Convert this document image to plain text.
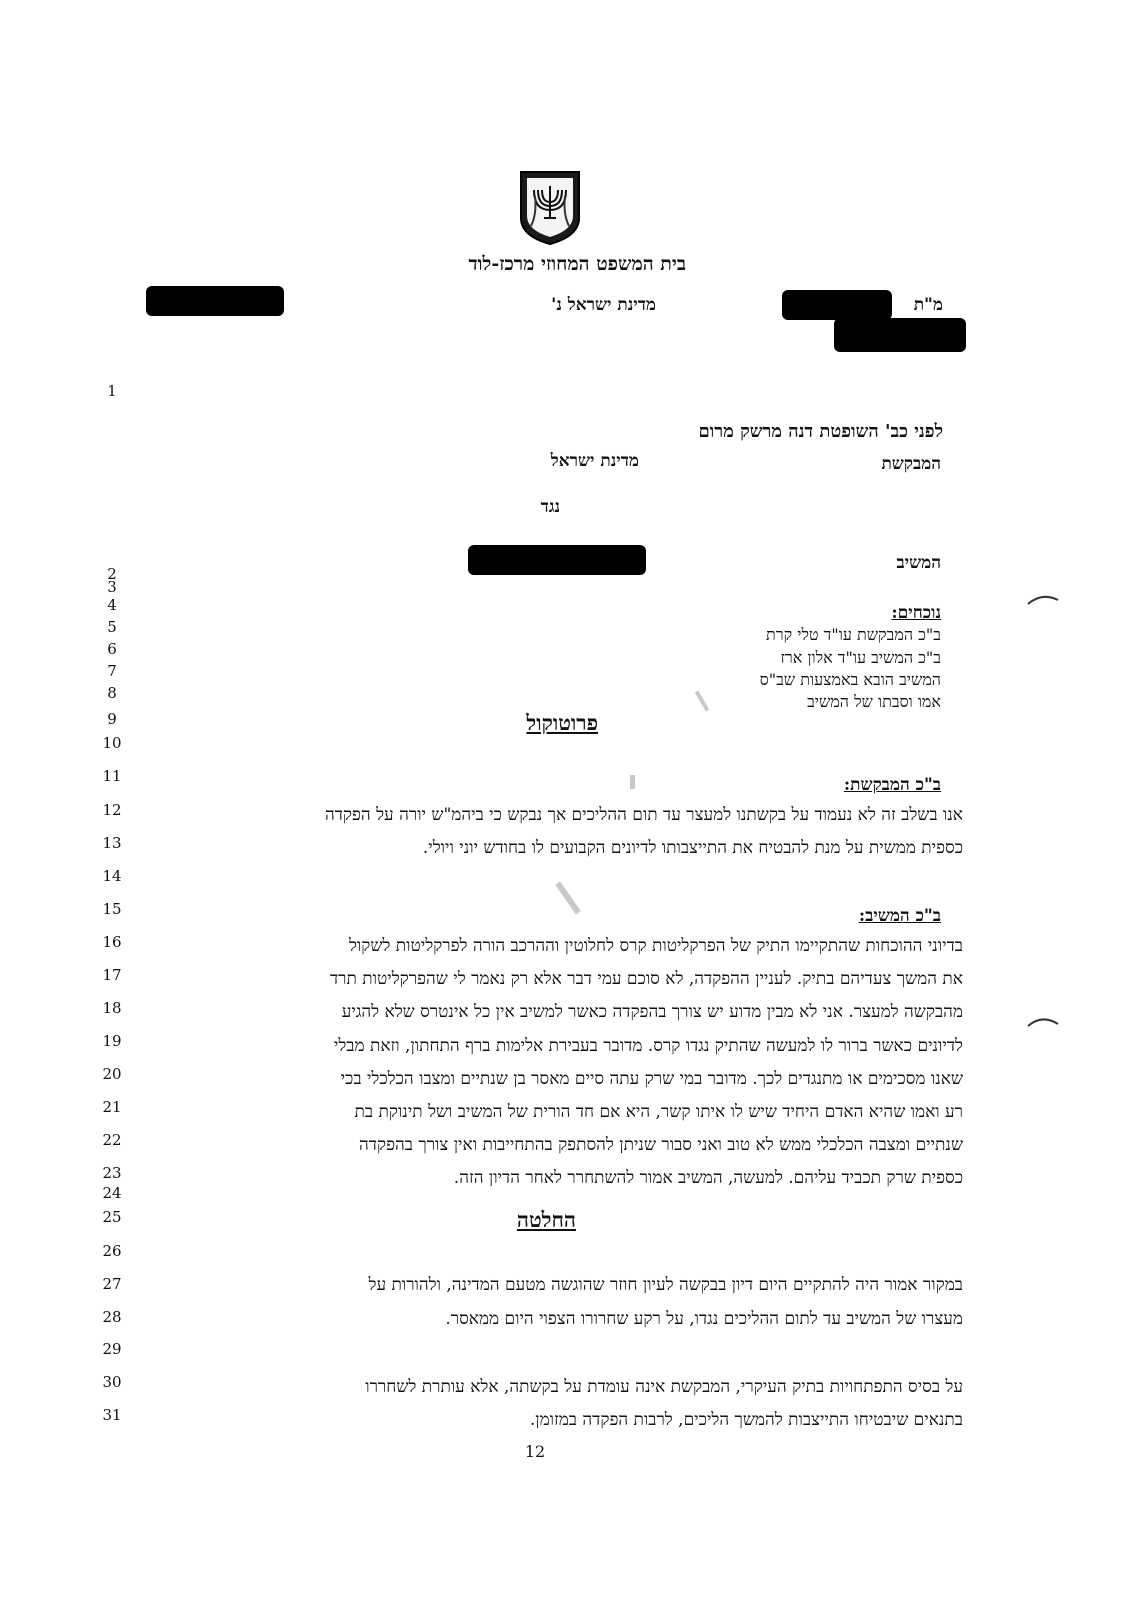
בית המשפט המחוזי מרכז-לוד
מ"ת
מדינת ישראל נ'
לפני כב' השופטת דנה מרשק מרום
המבקשת
מדינת ישראל
נגד
המשיב
נוכחים:
ב"כ המבקשת עו"ד טלי קרת
ב"כ המשיב עו"ד אלון ארז
המשיב הובא באמצעות שב"ס
אמו וסבתו של המשיב
פרוטוקול
ב"כ המבקשת:
אנו בשלב זה לא נעמוד על בקשתנו למעצר עד תום ההליכים אך נבקש כי ביהמ"ש יורה על הפקדה
כספית ממשית על מנת להבטיח את התייצבותו לדיונים הקבועים לו בחודש יוני ויולי.
ב"כ המשיב:
בדיוני ההוכחות שהתקיימו התיק של הפרקליטות קרס לחלוטין וההרכב הורה לפרקליטות לשקול
את המשך צעדיהם בתיק. לעניין ההפקדה, לא סוכם עמי דבר אלא רק נאמר לי שהפרקליטות תרד
מהבקשה למעצר. אני לא מבין מדוע יש צורך בהפקדה כאשר למשיב אין כל אינטרס שלא להגיע
לדיונים כאשר ברור לו למעשה שהתיק נגדו קרס. מדובר בעבירת אלימות ברף התחתון, וזאת מבלי
שאנו מסכימים או מתנגדים לכך. מדובר במי שרק עתה סיים מאסר בן שנתיים ומצבו הכלכלי בכי
רע ואמו שהיא האדם היחיד שיש לו איתו קשר, היא אם חד הורית של המשיב ושל תינוקת בת
שנתיים ומצבה הכלכלי ממש לא טוב ואני סבור שניתן להסתפק בהתחייבות ואין צורך בהפקדה
כספית שרק תכביד עליהם. למעשה, המשיב אמור להשתחרר לאחר הדיון הזה.
החלטה
במקור אמור היה להתקיים היום דיון בבקשה לעיון חוזר שהוגשה מטעם המדינה, ולהורות על
מעצרו של המשיב עד לתום ההליכים נגדו, על רקע שחרורו הצפוי היום ממאסר.
על בסיס התפתחויות בתיק העיקרי, המבקשת אינה עומדת על בקשתה, אלא עותרת לשחררו
בתנאים שיבטיחו התייצבות להמשך הליכים, לרבות הפקדה במזומן.
1
2
3
4
5
6
7
8
9
10
11
12
13
14
15
16
17
18
19
20
21
22
23
24
25
26
27
28
29
30
31
12
